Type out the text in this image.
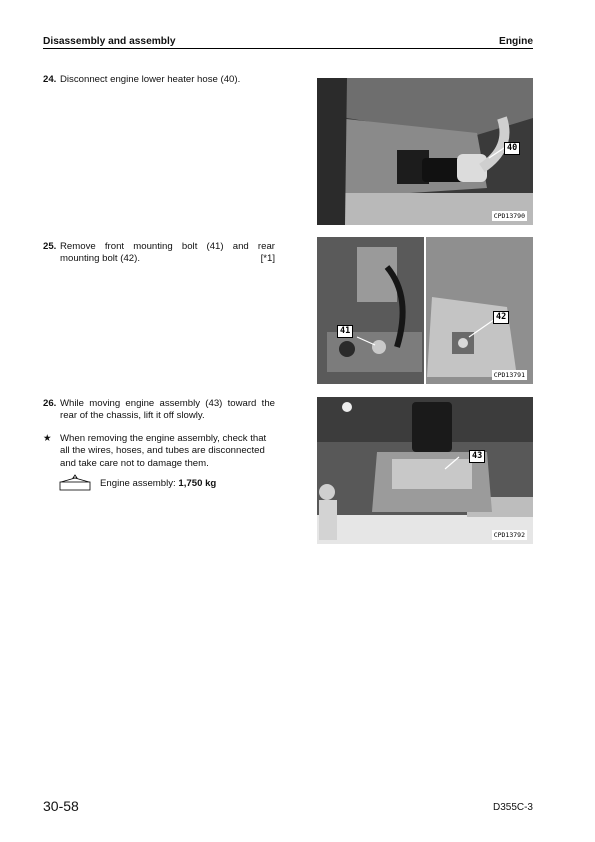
Disassembly and assembly	Engine
24. Disconnect engine lower heater hose (40).
25. Remove front mounting bolt (41) and rear mounting bolt (42).	[*1]
26. While moving engine assembly (43) toward the rear of the chassis, lift it off slowly.
★ When removing the engine assembly, check that all the wires, hoses, and tubes are disconnected and take care not to damage them.
Engine assembly: 1,750 kg
40
CPD13790
41
42
CPD13791
43
CPD13792
30-58	D355C-3
